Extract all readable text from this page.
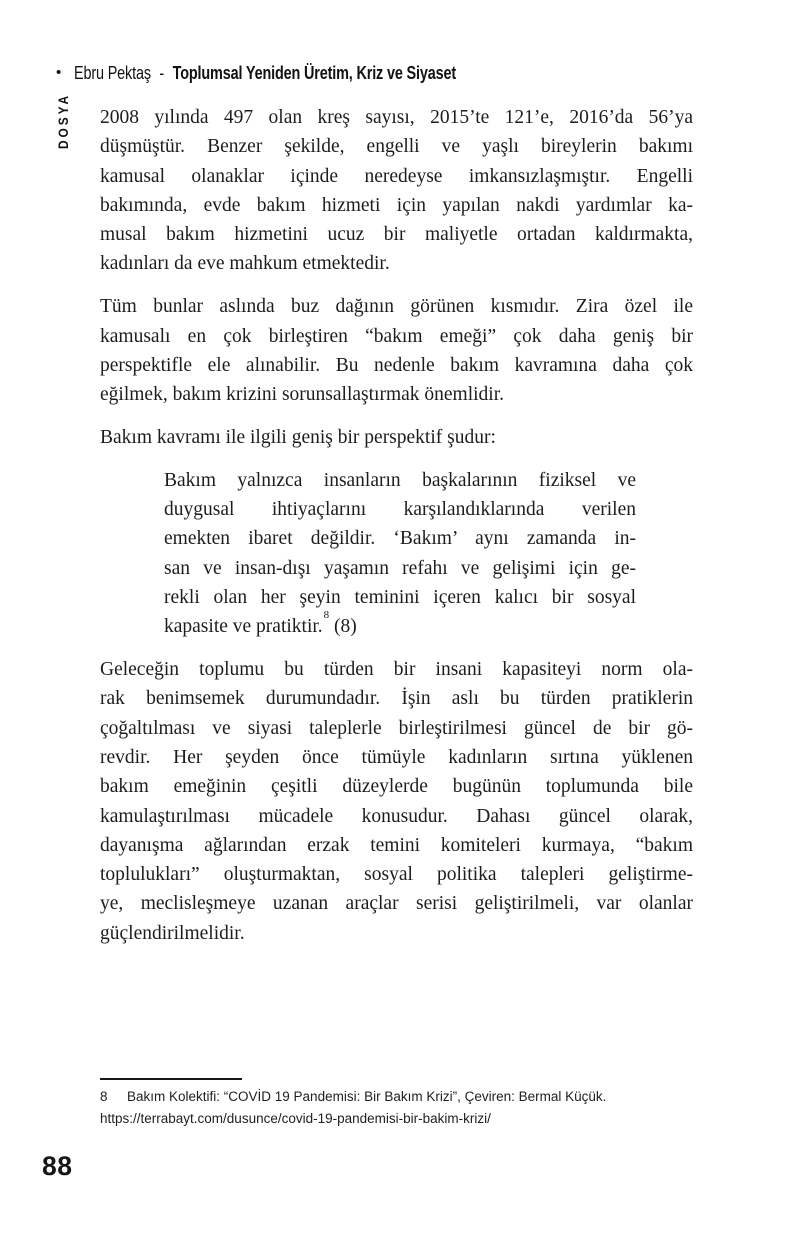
• Ebru Pektaş - Toplumsal Yeniden Üretim, Kriz ve Siyaset
DOSYA 2008 yılında 497 olan kreş sayısı, 2015’te 121’e, 2016’da 56’ya
düşmüştür. Benzer şekilde, engelli ve yaşlı bireylerin bakımı
kamusal olanaklar içinde neredeyse imkansızlaşmıştır. Engelli
bakımında, evde bakım hizmeti için yapılan nakdi yardımlar ka-
musal bakım hizmetini ucuz bir maliyetle ortadan kaldırmakta,
kadınları da eve mahkum etmektedir.
Tüm bunlar aslında buz dağının görünen kısmıdır. Zira özel ile
kamusalı en çok birleştiren “bakım emeği” çok daha geniş bir
perspektifle ele alınabilir. Bu nedenle bakım kavramına daha çok
eğilmek, bakım krizini sorunsallaştırmak önemlidir.
Bakım kavramı ile ilgili geniş bir perspektif şudur:
Bakım yalnızca insanların başkalarının fiziksel ve
duygusal ihtiyaçlarını karşılandıklarında verilen
emekten ibaret değildir. ‘Bakım’ aynı zamanda in-
san ve insan-dışı yaşamın refahı ve gelişimi için ge-
rekli olan her şeyin teminini içeren kalıcı bir sosyal
kapasite ve pratiktir.$^8$ (8)
Geleceğin toplumu bu türden bir insani kapasiteyi norm ola-
rak benimsemek durumundadır. İşin aslı bu türden pratiklerin
çoğaltılması ve siyasi taleplerle birleştirilmesi güncel de bir gö-
revdir. Her şeyden önce tümüyle kadınların sırtına yüklenen
bakım emeğinin çeşitli düzeylerde bugünün toplumunda bile
kamulaştırılması mücadele konusudur. Dahası güncel olarak,
dayanışma ağlarından erzak temini komiteleri kurmaya, “bakım
toplulukları” oluşturmaktan, sosyal politika talepleri geliştirme-
ye, meclisleşmeye uzanan araçlar serisi geliştirilmeli, var olanlar
güçlendirilmelidir.
8 Bakım Kolektifi: “COVİD 19 Pandemisi: Bir Bakım Krizi”, Çeviren: Bermal Küçük.
https://terrabayt.com/dusunce/covid-19-pandemisi-bir-bakim-krizi/
88
